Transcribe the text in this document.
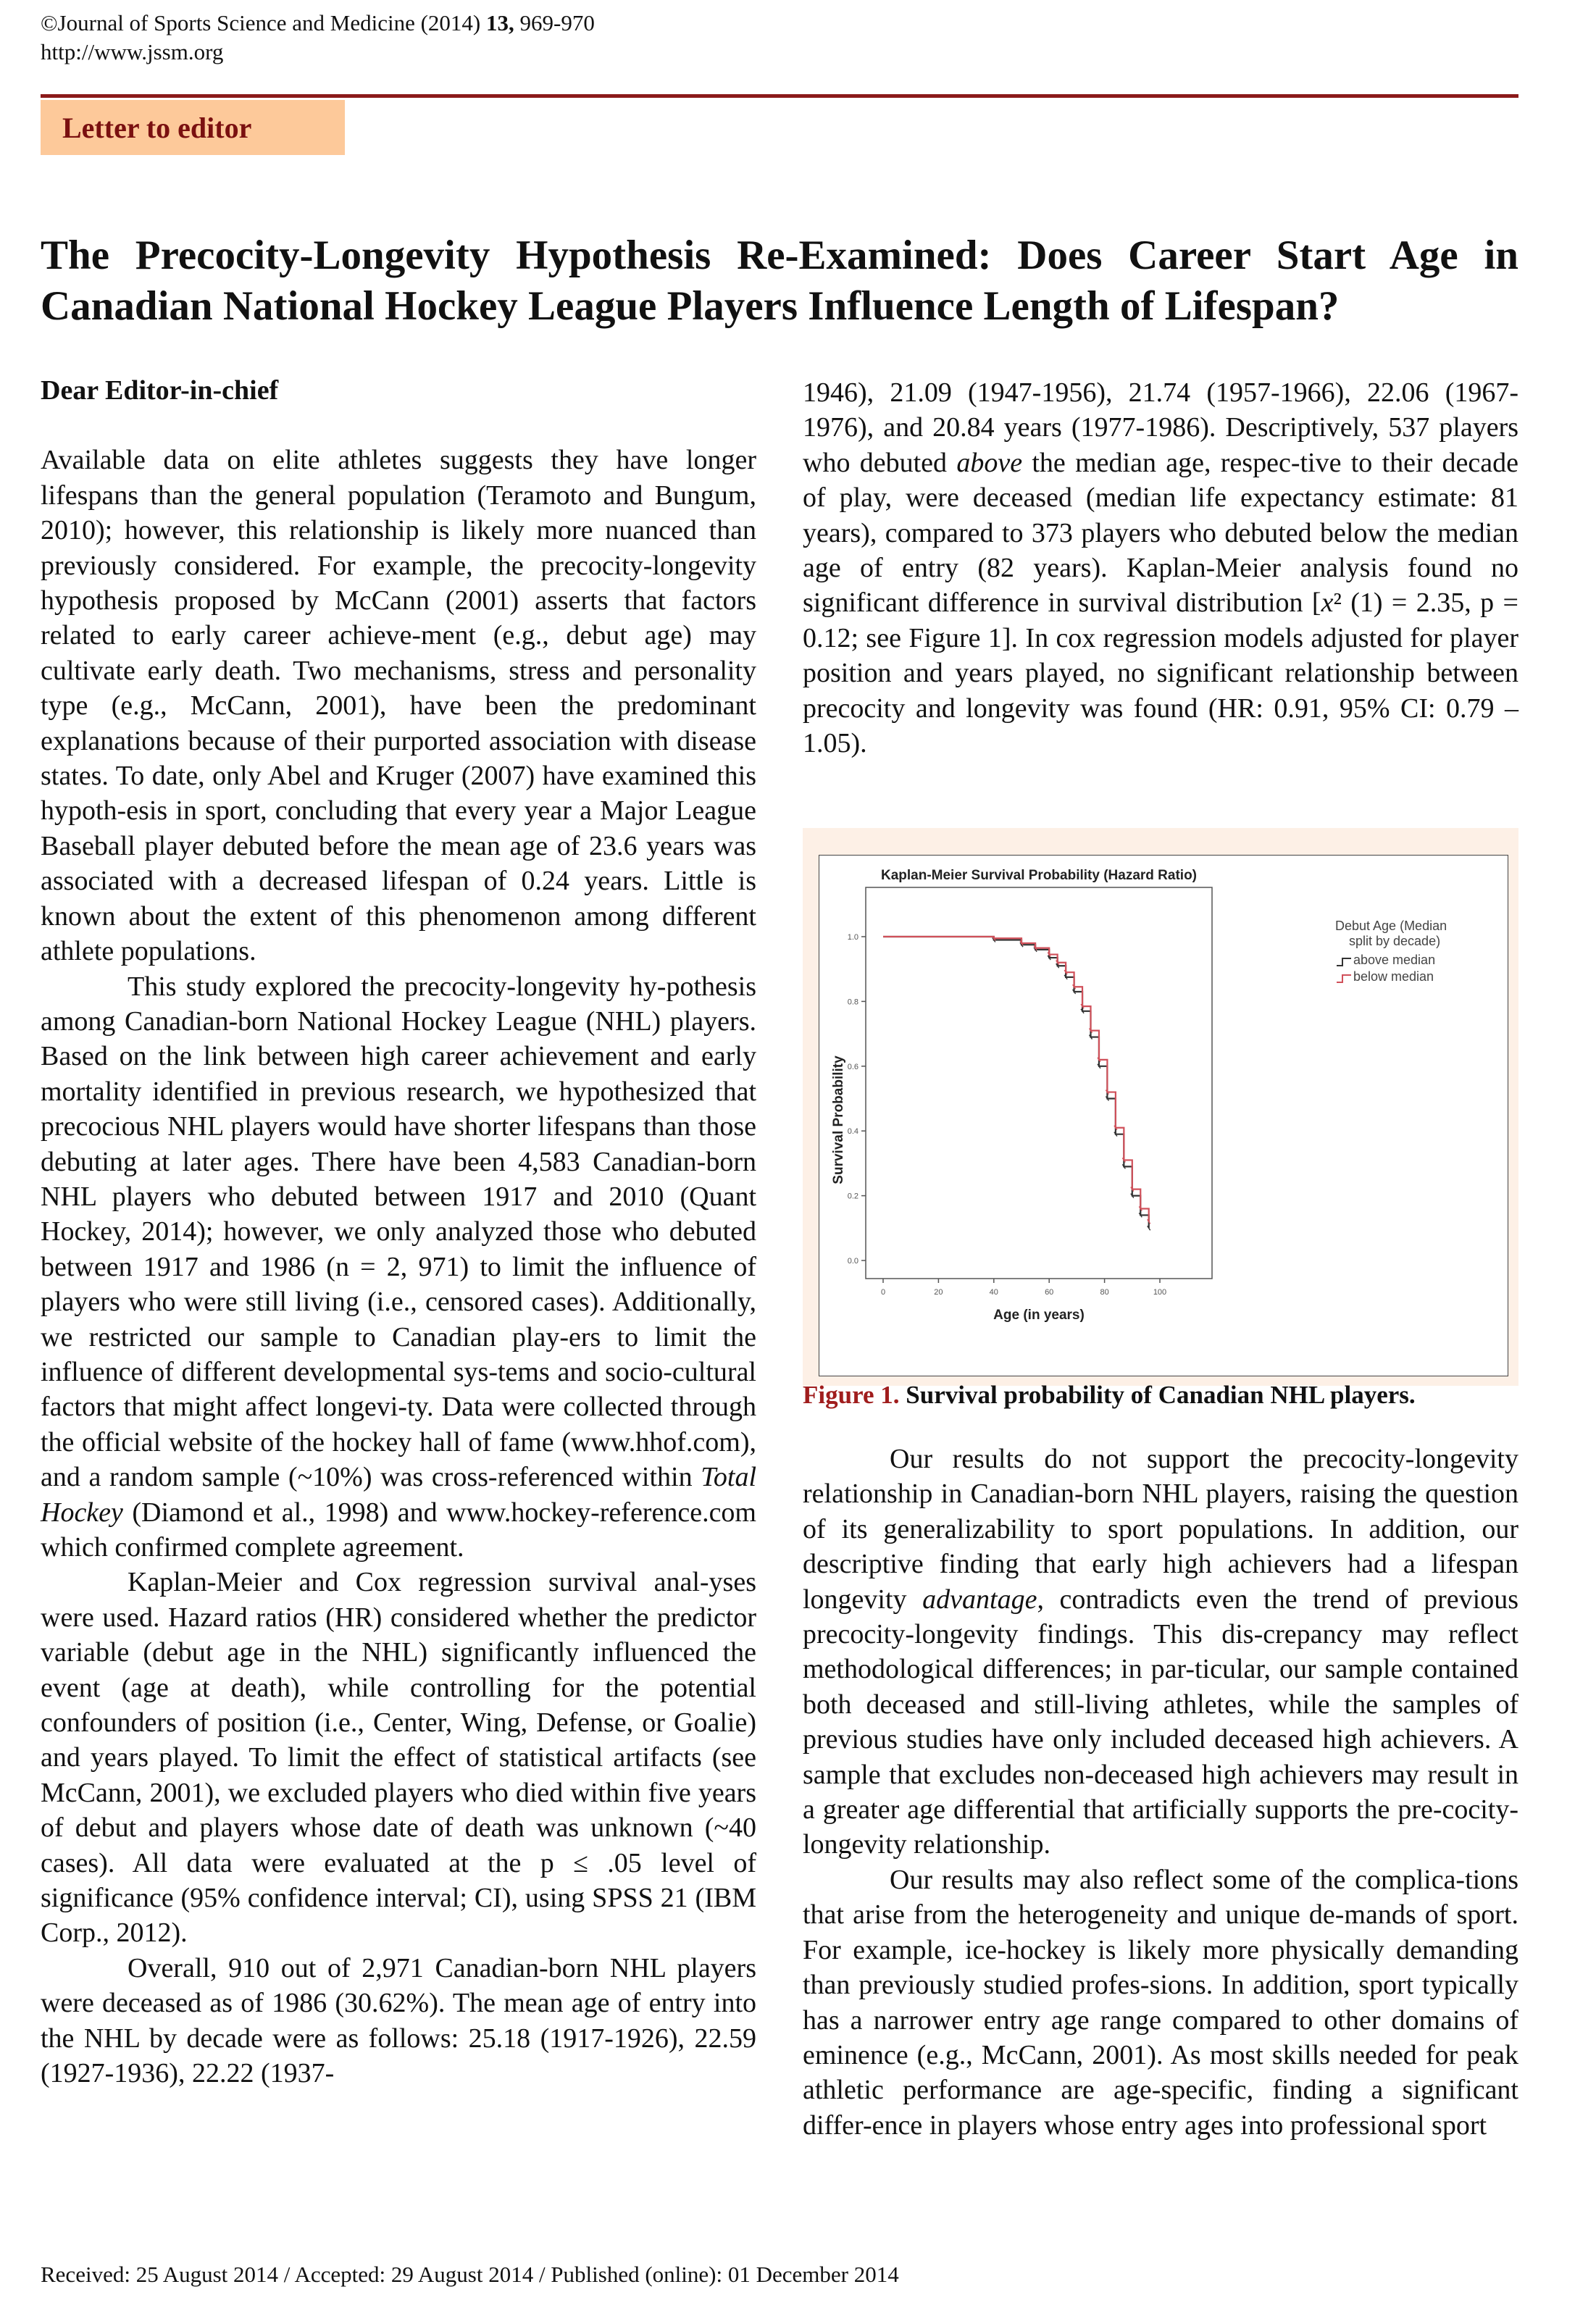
©Journal of Sports Science and Medicine (2014) 13, 969-970
http://www.jssm.org
Letter to editor
The Precocity-Longevity Hypothesis Re-Examined: Does Career Start Age in Canadian National Hockey League Players Influence Length of Lifespan?

Dear Editor-in-chief

Available data on elite athletes suggests they have longer lifespans than the general population (Teramoto and Bungum, 2010); however, this relationship is likely more nuanced than previously considered. For example, the precocity-longevity hypothesis proposed by McCann (2001) asserts that factors related to early career achieve-ment (e.g., debut age) may cultivate early death. Two mechanisms, stress and personality type (e.g., McCann, 2001), have been the predominant explanations because of their purported association with disease states. To date, only Abel and Kruger (2007) have examined this hypoth-esis in sport, concluding that every year a Major League Baseball player debuted before the mean age of 23.6 years was associated with a decreased lifespan of 0.24 years. Little is known about the extent of this phenomenon among different athlete populations.

This study explored the precocity-longevity hy-pothesis among Canadian-born National Hockey League (NHL) players. Based on the link between high career achievement and early mortality identified in previous research, we hypothesized that precocious NHL players would have shorter lifespans than those debuting at later ages. There have been 4,583 Canadian-born NHL players who debuted between 1917 and 2010 (Quant Hockey, 2014); however, we only analyzed those who debuted between 1917 and 1986 (n = 2, 971) to limit the influence of players who were still living (i.e., censored cases). Additionally, we restricted our sample to Canadian play-ers to limit the influence of different developmental sys-tems and socio-cultural factors that might affect longevi-ty. Data were collected through the official website of the hockey hall of fame (www.hhof.com), and a random sample (~10%) was cross-referenced within Total Hockey (Diamond et al., 1998) and www.hockey-reference.com which confirmed complete agreement.

Kaplan-Meier and Cox regression survival anal-yses were used. Hazard ratios (HR) considered whether the predictor variable (debut age in the NHL) significantly influenced the event (age at death), while controlling for the potential confounders of position (i.e., Center, Wing, Defense, or Goalie) and years played. To limit the effect of statistical artifacts (see McCann, 2001), we excluded players who died within five years of debut and players whose date of death was unknown (~40 cases). All data were evaluated at the p ≤ .05 level of significance (95% confidence interval; CI), using SPSS 21 (IBM Corp., 2012).

Overall, 910 out of 2,971 Canadian-born NHL players were deceased as of 1986 (30.62%). The mean age of entry into the NHL by decade were as follows: 25.18 (1917-1926), 22.59 (1927-1936), 22.22 (1937-

1946), 21.09 (1947-1956), 21.74 (1957-1966), 22.06 (1967-1976), and 20.84 years (1977-1986). Descriptively, 537 players who debuted above the median age, respec-tive to their decade of play, were deceased (median life expectancy estimate: 81 years), compared to 373 players who debuted below the median age of entry (82 years). Kaplan-Meier analysis found no significant difference in survival distribution [x² (1) = 2.35, p = 0.12; see Figure 1]. In cox regression models adjusted for player position and years played, no significant relationship between precocity and longevity was found (HR: 0.91, 95% CI: 0.79 – 1.05).

Kaplan-Meier Survival Probability (Hazard Ratio)
0.0
0.2
0.4
0.6
0.8
1.0
0	20	40	60	80	100
Survival Probability
Age (in years)
Debut Age (Median
split by decade)
above median
below median
Figure 1. Survival probability of Canadian NHL players.

Our results do not support the precocity-longevity relationship in Canadian-born NHL players, raising the question of its generalizability to sport populations. In addition, our descriptive finding that early high achievers had a lifespan longevity advantage, contradicts even the trend of previous precocity-longevity findings. This dis-crepancy may reflect methodological differences; in par-ticular, our sample contained both deceased and still-living athletes, while the samples of previous studies have only included deceased high achievers. A sample that excludes non-deceased high achievers may result in a greater age differential that artificially supports the pre-cocity-longevity relationship.

Our results may also reflect some of the complica-tions that arise from the heterogeneity and unique de-mands of sport. For example, ice-hockey is likely more physically demanding than previously studied profes-sions. In addition, sport typically has a narrower entry age range compared to other domains of eminence (e.g., McCann, 2001). As most skills needed for peak athletic performance are age-specific, finding a significant differ-ence in players whose entry ages into professional sport

Received: 25 August 2014 / Accepted: 29 August 2014 / Published (online): 01 December 2014
